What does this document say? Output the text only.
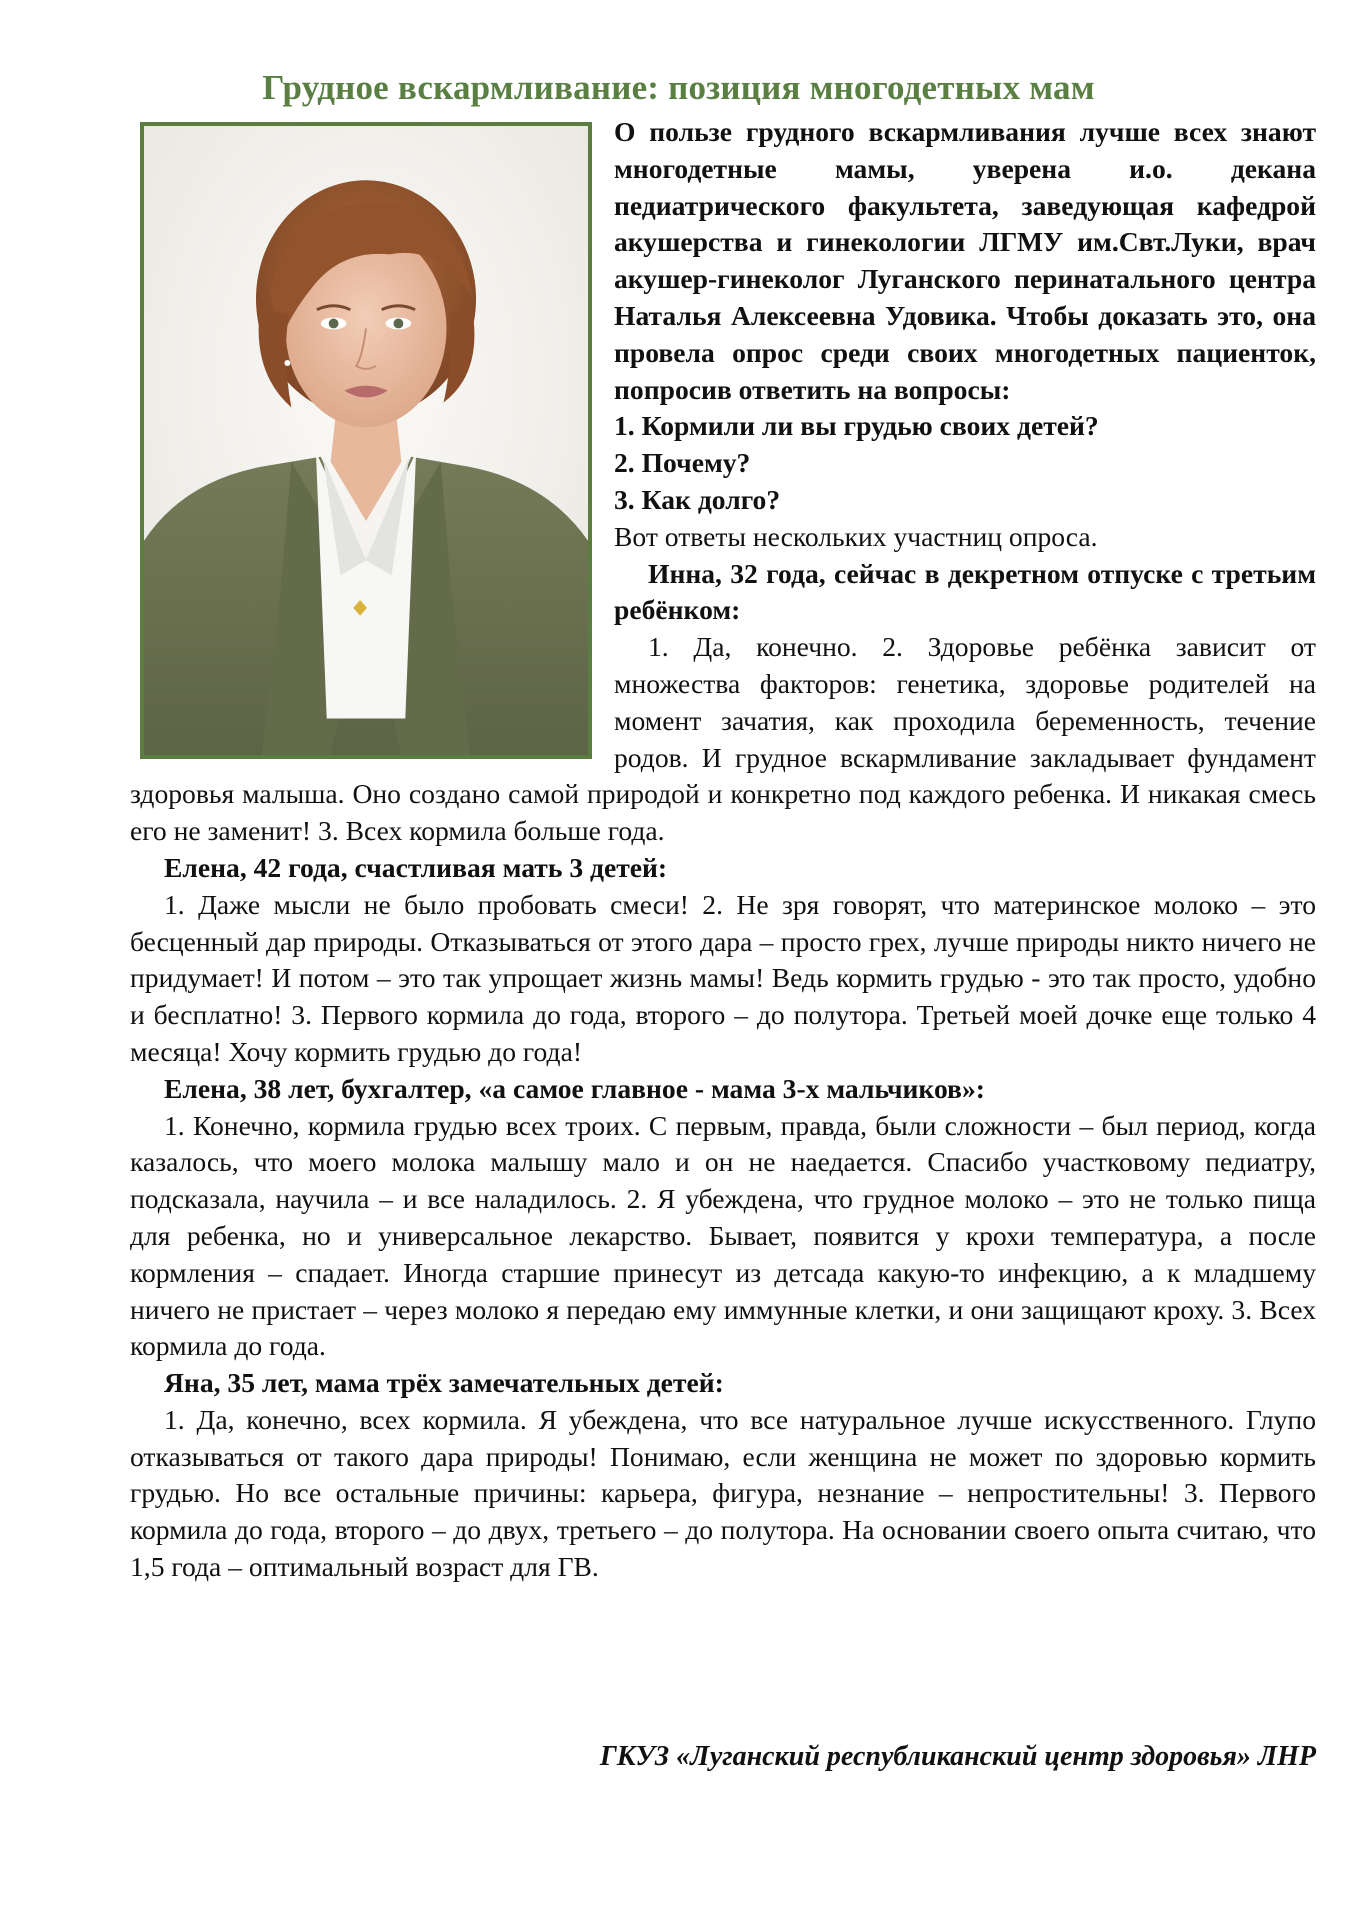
Грудное вскармливание: позиция многодетных мам

О пользе грудного вскармливания лучше всех знают многодетные мамы, уверена и.о. декана педиатрического факультета, заведующая кафедрой акушерства и гинекологии ЛГМУ им.Свт.Луки, врач акушер-гинеколог Луганского перинатального центра Наталья Алексеевна Удовика. Чтобы доказать это, она провела опрос среди своих многодетных пациенток, попросив ответить на вопросы:

1. Кормили ли вы грудью своих детей?

2. Почему?

3. Как долго?

Вот ответы нескольких участниц опроса.

Инна, 32 года, сейчас в декретном отпуске с третьим ребёнком:

1. Да, конечно. 2. Здоровье ребёнка зависит от множества факторов: генетика, здоровье родителей на момент зачатия, как проходила беременность, течение родов. И грудное вскармливание закладывает фундамент здоровья малыша. Оно создано самой природой и конкретно под каждого ребенка. И никакая смесь его не заменит! 3. Всех кормила больше года.

Елена, 42 года, счастливая мать 3 детей:

1. Даже мысли не было пробовать смеси! 2. Не зря говорят, что материнское молоко – это бесценный дар природы. Отказываться от этого дара – просто грех, лучше природы никто ничего не придумает! И потом – это так упрощает жизнь мамы! Ведь кормить грудью - это так просто, удобно и бесплатно! 3. Первого кормила до года, второго – до полутора. Третьей моей дочке еще только 4 месяца! Хочу кормить грудью до года!

Елена, 38 лет, бухгалтер, «а самое главное - мама 3-х мальчиков»:

1. Конечно, кормила грудью всех троих. С первым, правда, были сложности – был период, когда казалось, что моего молока малышу мало и он не наедается. Спасибо участковому педиатру, подсказала, научила – и все наладилось. 2. Я убеждена, что грудное молоко – это не только пища для ребенка, но и универсальное лекарство. Бывает, появится у крохи температура, а после кормления – спадает. Иногда старшие принесут из детсада какую-то инфекцию, а к младшему ничего не пристает – через молоко я передаю ему иммунные клетки, и они защищают кроху. 3. Всех кормила до года.

Яна, 35 лет, мама трёх замечательных детей:

1. Да, конечно, всех кормила. Я убеждена, что все натуральное лучше искусственного. Глупо отказываться от такого дара природы! Понимаю, если женщина не может по здоровью кормить грудью. Но все остальные причины: карьера, фигура, незнание – непростительны! 3. Первого кормила до года, второго – до двух, третьего – до полутора. На основании своего опыта считаю, что 1,5 года – оптимальный возраст для ГВ.

ГКУЗ «Луганский республиканский центр здоровья» ЛНР
